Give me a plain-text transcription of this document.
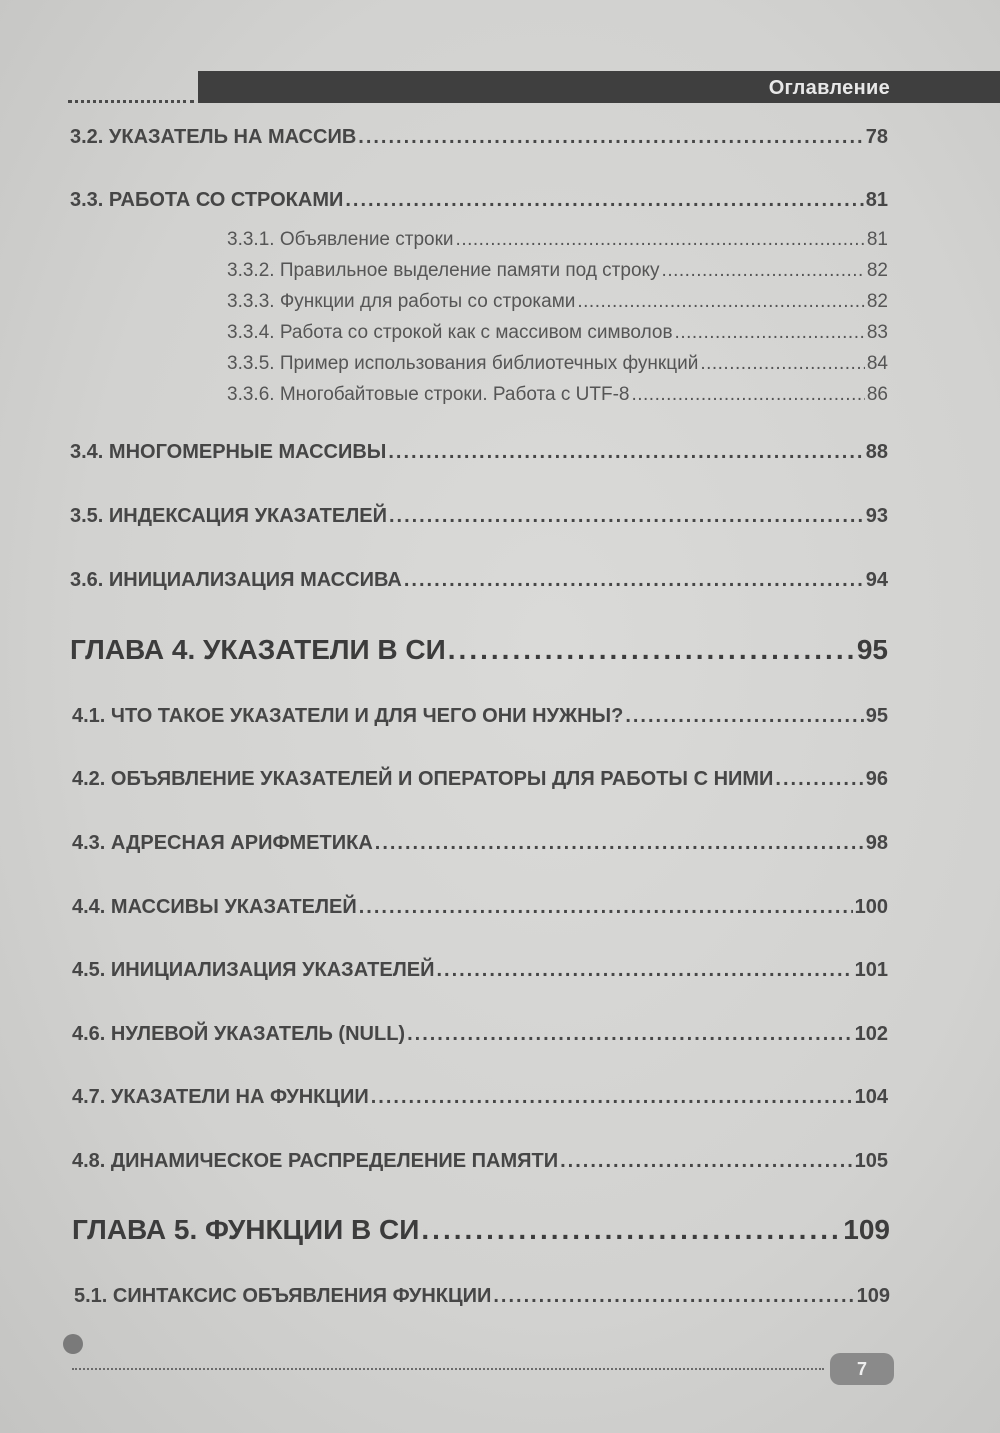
Оглавление
3.2. УКАЗАТЕЛЬ НА МАССИВ .....	78
3.3. РАБОТА СО СТРОКАМИ .....	81
3.3.1. Объявление строки .....	81
3.3.2. Правильное выделение памяти под строку .....	82
3.3.3. Функции для работы со строками .....	82
3.3.4. Работа со строкой как с массивом символов .....	83
3.3.5. Пример использования библиотечных функций .....	84
3.3.6. Многобайтовые строки. Работа с UTF-8 .....	86
3.4. МНОГОМЕРНЫЕ МАССИВЫ .....	88
3.5. ИНДЕКСАЦИЯ УКАЗАТЕЛЕЙ .....	93
3.6. ИНИЦИАЛИЗАЦИЯ МАССИВА .....	94
ГЛАВА 4. УКАЗАТЕЛИ В СИ .....	95
4.1. ЧТО ТАКОЕ УКАЗАТЕЛИ И ДЛЯ ЧЕГО ОНИ НУЖНЫ? .....	95
4.2. ОБЪЯВЛЕНИЕ УКАЗАТЕЛЕЙ И ОПЕРАТОРЫ ДЛЯ РАБОТЫ С НИМИ .....	96
4.3. АДРЕСНАЯ АРИФМЕТИКА .....	98
4.4. МАССИВЫ УКАЗАТЕЛЕЙ .....	100
4.5. ИНИЦИАЛИЗАЦИЯ УКАЗАТЕЛЕЙ .....	101
4.6. НУЛЕВОЙ УКАЗАТЕЛЬ (NULL) .....	102
4.7. УКАЗАТЕЛИ НА ФУНКЦИИ .....	104
4.8. ДИНАМИЧЕСКОЕ РАСПРЕДЕЛЕНИЕ ПАМЯТИ .....	105
ГЛАВА 5. ФУНКЦИИ В СИ .....	109
5.1. СИНТАКСИС ОБЪЯВЛЕНИЯ ФУНКЦИИ .....	109
7
